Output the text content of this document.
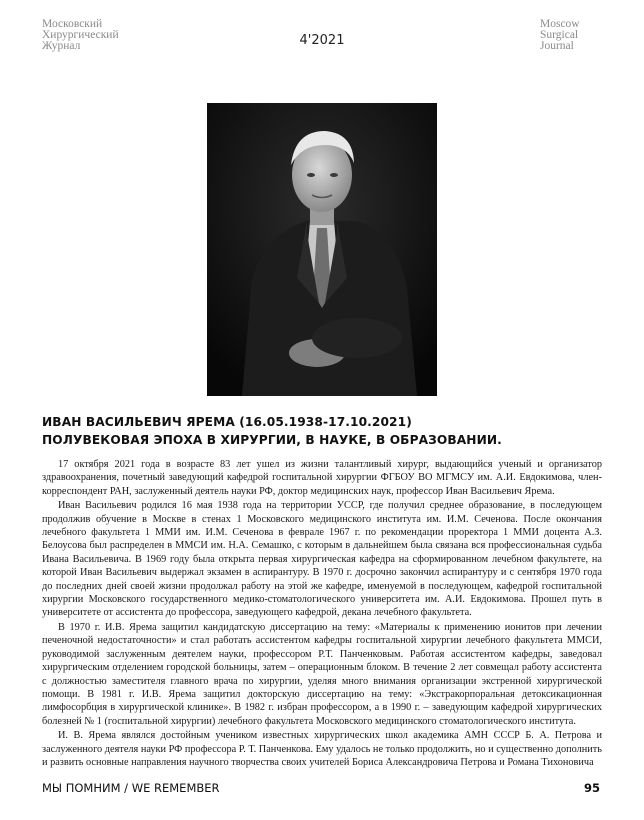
Московский
Хирургический
Журнал	4'2021
Moscow
Surgical
Journal
ИВАН ВАСИЛЬЕВИЧ ЯРЕМА (16.05.1938-17.10.2021)
ПОЛУВЕКОВАЯ ЭПОХА В ХИРУРГИИ, В НАУКЕ, В ОБРАЗОВАНИИ.

17 октября 2021 года в возрасте 83 лет ушел из жизни талантливый хирург, выдающийся ученый и организатор здравоохранения, почетный заведующий кафедрой госпитальной хирургии ФГБОУ ВО МГМСУ им. А.И. Евдокимова, член-корреспондент РАН, заслуженный деятель науки РФ, доктор медицинских наук, профессор Иван Васильевич Ярема.

Иван Васильевич родился 16 мая 1938 года на территории УССР, где получил среднее образование, в последующем продолжив обучение в Москве в стенах 1 Московского медицинского института им. И.М. Сеченова. После окончания лечебного факультета 1 ММИ им. И.М. Сеченова в феврале 1967 г. по рекомендации проректора 1 ММИ доцента А.З. Белоусова был распределен в ММСИ им. Н.А. Семашко, с которым в дальнейшем была связана вся профессиональная судьба Ивана Васильевича. В 1969 году была открыта первая хирургическая кафедра на сформированном лечебном факультете, на которой Иван Васильевич выдержал экзамен в аспирантуру. В 1970 г. досрочно закончил аспирантуру и с сентября 1970 года до последних дней своей жизни продолжал работу на этой же кафедре, именуемой в последующем, кафедрой госпитальной хирургии Московского государственного медико-стоматологического университета им. А.И. Евдокимова. Прошел путь в университете от ассистента до профессора, заведующего кафедрой, декана лечебного факультета.

В 1970 г. И.В. Ярема защитил кандидатскую диссертацию на тему: «Материалы к применению ионитов при лечении печеночной недостаточности» и стал работать ассистентом кафедры госпитальной хирургии лечебного факультета ММСИ, руководимой заслуженным деятелем науки, профессором Р.Т. Панченковым. Работая ассистентом кафедры, заведовал хирургическим отделением городской больницы, затем – операционным блоком. В течение 2 лет совмещал работу ассистента с должностью заместителя главного врача по хирургии, уделяя много внимания организации экстренной хирургической помощи. В 1981 г. И.В. Ярема защитил докторскую диссертацию на тему: «Экстракорпоральная детоксикационная лимфосорбция в хирургической клинике». В 1982 г. избран профессором, а в 1990 г. – заведующим кафедрой хирургических болезней № 1 (госпитальной хирургии) лечебного факультета Московского медицинского стоматологического института.

И. В. Ярема являлся достойным учеником известных хирургических школ академика АМН СССР Б. А. Петрова и заслуженного деятеля науки РФ профессора Р. Т. Панченкова. Ему удалось не только продолжить, но и существенно дополнить и развить основные направления научного творчества своих учителей Бориса Александровича Петрова и Романа Тихоновича

МЫ ПОМНИМ / WE REMEMBER	95
